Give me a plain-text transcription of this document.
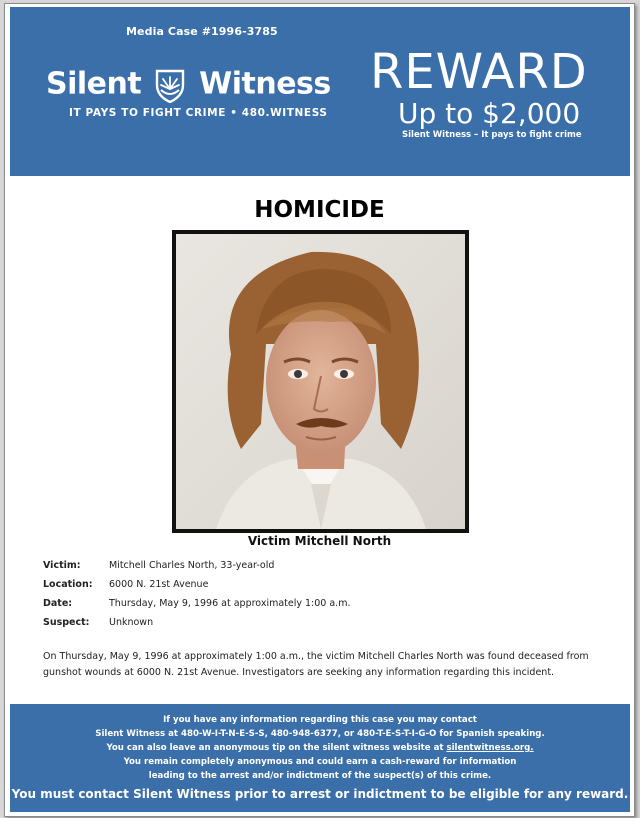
Media Case #1996-3785
Silent Witness
IT PAYS TO FIGHT CRIME • 480.WITNESS
REWARD
Up to $2,000
Silent Witness – It pays to fight crime
HOMICIDE
Victim Mitchell North
Victim:	Mitchell Charles North, 33-year-old
Location: 6000 N. 21st Avenue
Date:	Thursday, May 9, 1996 at approximately 1:00 a.m.
Suspect: Unknown
On Thursday, May 9, 1996 at approximately 1:00 a.m., the victim Mitchell Charles North was found deceased from gunshot wounds at 6000 N. 21st Avenue. Investigators are seeking any information regarding this incident.
If you have any information regarding this case you may contact
Silent Witness at 480-W-I-T-N-E-S-S, 480-948-6377, or 480-T-E-S-T-I-G-O for Spanish speaking.
You can also leave an anonymous tip on the silent witness website at silentwitness.org.
You remain completely anonymous and could earn a cash-reward for information
leading to the arrest and/or indictment of the suspect(s) of this crime.
You must contact Silent Witness prior to arrest or indictment to be eligible for any reward.
